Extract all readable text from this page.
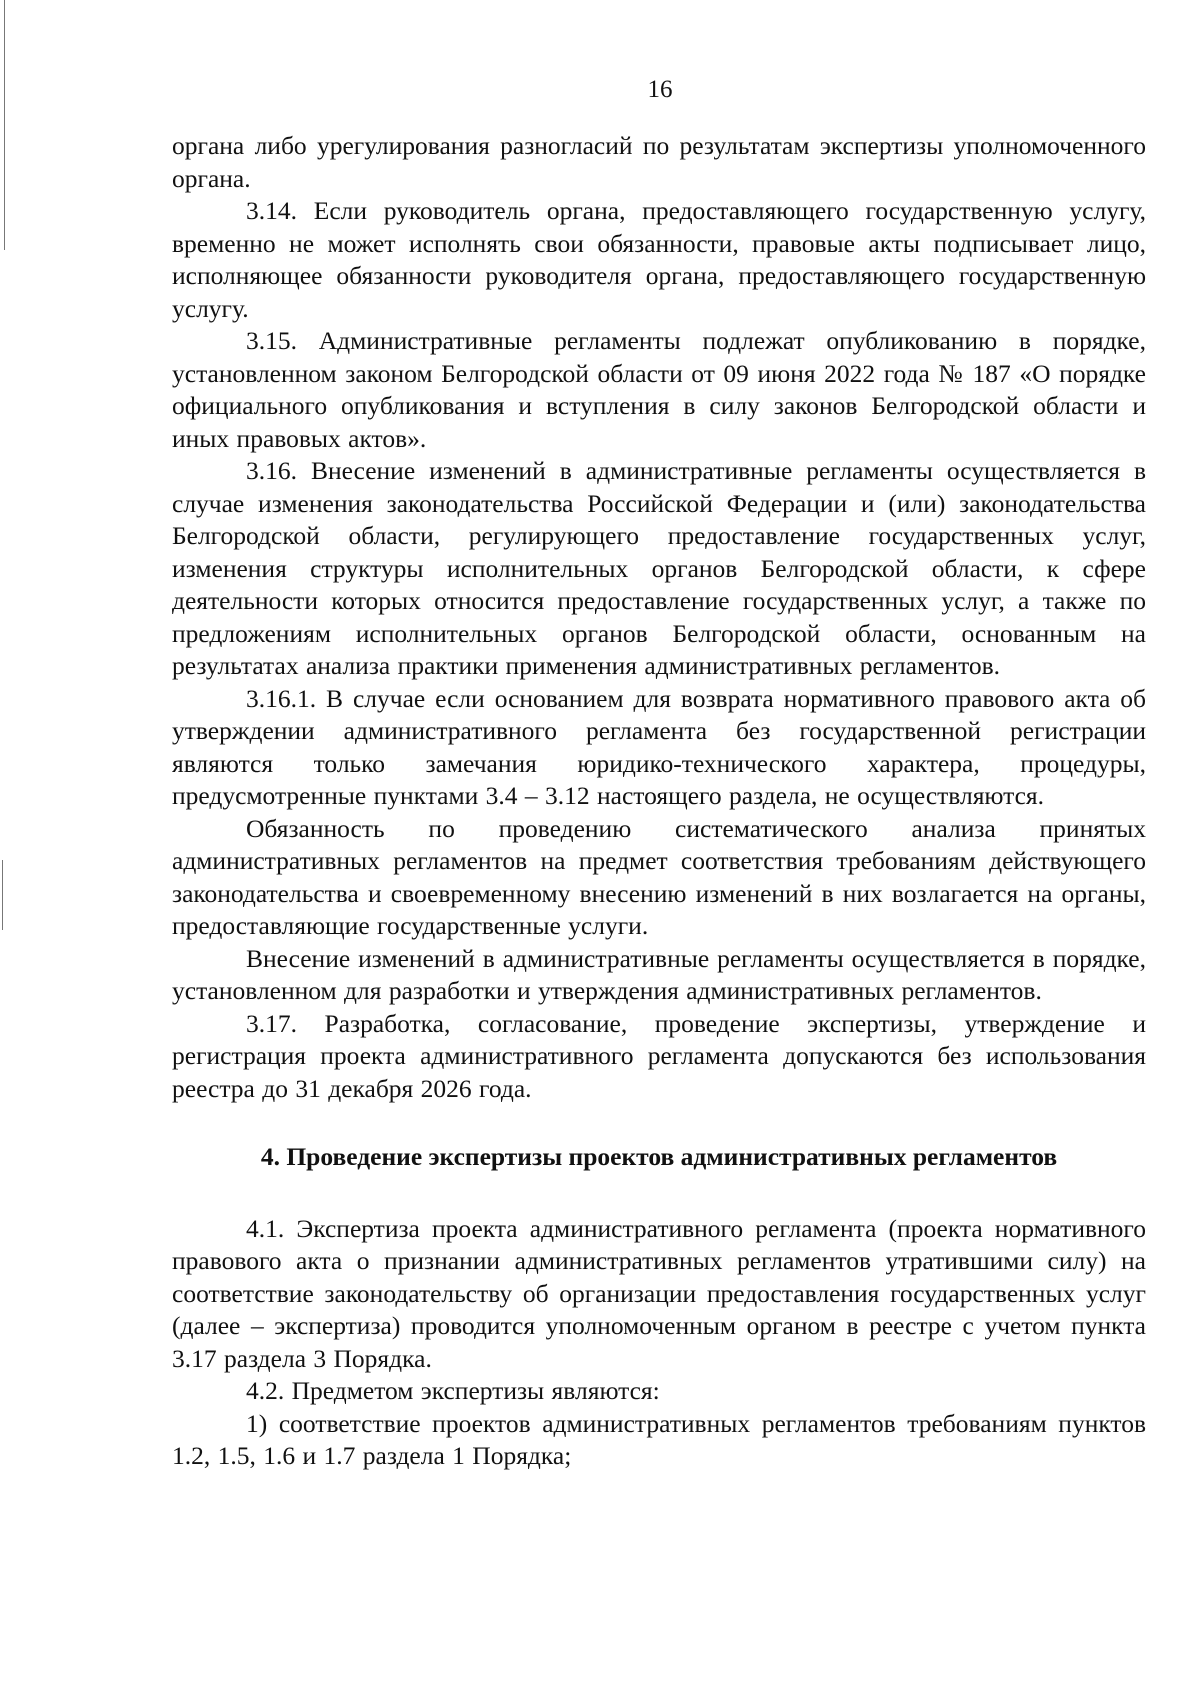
16

органа либо урегулирования разногласий по результатам экспертизы уполномоченного органа.

3.14. Если руководитель органа, предоставляющего государственную услугу, временно не может исполнять свои обязанности, правовые акты подписывает лицо, исполняющее обязанности руководителя органа, предоставляющего государственную услугу.

3.15. Административные регламенты подлежат опубликованию в порядке, установленном законом Белгородской области от 09 июня 2022 года № 187 «О порядке официального опубликования и вступления в силу законов Белгородской области и иных правовых актов».

3.16. Внесение изменений в административные регламенты осуществляется в случае изменения законодательства Российской Федерации и (или) законодательства Белгородской области, регулирующего предоставление государственных услуг, изменения структуры исполнительных органов Белгородской области, к сфере деятельности которых относится предоставление государственных услуг, а также по предложениям исполнительных органов Белгородской области, основанным на результатах анализа практики применения административных регламентов.

3.16.1. В случае если основанием для возврата нормативного правового акта об утверждении административного регламента без государственной регистрации являются только замечания юридико-технического характера, процедуры, предусмотренные пунктами 3.4 – 3.12 настоящего раздела, не осуществляются.

Обязанность по проведению систематического анализа принятых административных регламентов на предмет соответствия требованиям действующего законодательства и своевременному внесению изменений в них возлагается на органы, предоставляющие государственные услуги.

Внесение изменений в административные регламенты осуществляется в порядке, установленном для разработки и утверждения административных регламентов.

3.17. Разработка, согласование, проведение экспертизы, утверждение и регистрация проекта административного регламента допускаются без использования реестра до 31 декабря 2026 года.

4. Проведение экспертизы проектов административных регламентов

4.1. Экспертиза проекта административного регламента (проекта нормативного правового акта о признании административных регламентов утратившими силу) на соответствие законодательству об организации предоставления государственных услуг (далее – экспертиза) проводится уполномоченным органом в реестре с учетом пункта 3.17 раздела 3 Порядка.

4.2. Предметом экспертизы являются:

1) соответствие проектов административных регламентов требованиям пунктов 1.2, 1.5, 1.6 и 1.7 раздела 1 Порядка;
